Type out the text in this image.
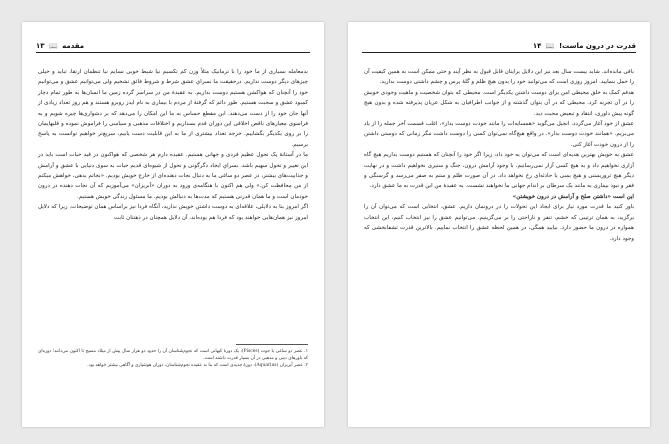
مقدمه 📖 ۱۳

بدمعامله بسیاری از ما خود را با ترمانیک مثلاً وزن کم تکسیم نیا شیط خوبی تسایم نیا تنظمان ارتقا، تباید و خیلی چیزهای دیگر دوست نداریم. درحقیقت ما بسراي عشق شرط و شروط فائق تشخیم ولی می‌توانیم عشق و می‌توانیم خود را آنچنان که هواکشن هستیم دوست بداریم. به عقیدهٔ من در سراسر گرده زمین ما انسان‌ها به طور تمام دچار کمبود عشق و سحبت هستیم. طور دائم که گرفتهٔ از مردم با بیماری به نام ایدز رو‌برو هستند و هم روز تعداد زیادی از آنها جان خود را از دست می‌دهند. ابن مقطع حساس به ما این امکان را می‌دهد که بر دشواری‌ها چیره شویم و به فراسوی معیارهای ناقص اخلاقی این دوران قدم بسداریم و اختلافات مذهبی و سیاسی را فراموش نموده و قلبهایمان را بر روی یکدیگر بگشاییم. خرجه تعداد بیشتری از ما به این قابلیت دست یابیم، سریع‌تر خواهیم توانست به پاسخ برسیم.

ما در آستانهٔ یک تحول عظیم فردی و جهانی هستیم. عقیده دارم هر شخصی که هواکنون در قید حیات است باید در این تغییر و تحول سهیم باشد. بسراي ایجاد دگرگونی و تحول از شیوه‌ای قدیم حیات به سوی دنیایی با عشق و آرامش و جذابیت‌های بیشتر، در عصر دو ساغی ما به دنبال نجات دهنده‌ای از خارج خویش بودیم. «نجاتم بدهی، خواهش میکنم از من محافظت کن.» ولی هم اکنون با هنگامه‌ی ورود به دوران «آبریزان» می‌آموزیم که آن نجات دهنده در درون خودمان است و ما همان قدرتی هستیم که مدت‌ها به دنبالش بودیم. ما مسئول زندگی خویش هستیم.

اگر امروز بنا به دلایلی، علاقه‌ای به دوست داشتن خویش ندارید، آنگاه فردا نیز براساس همان توضیحات. زیرا که دلایل امروز نیز همان‌هایی خواهند بود که فردا هم بوده‌اند. آن دلایل همچنان در ذهنتان ثابت

۱. عصر دو ساغی یا حوت (Pisces): یک دورهٔ کیهانی است که نجوم‌شناسان آن را حدود دو هزار سال پیش از میلاد مسیح تا اکنون می‌دانند؛ دوره‌ای که باورهای دینی و مذهبی در آن بسیار قدرت داشته است.

۲. عصر آبریزان (Aquarius): دورهٔ جدیدی است که بنا به عقیده نجوم‌شناسان، دوران هوشیاری و آگاهی بیشتر خواهد بود.

قدرت در درون ماست! 📖 ۱۴

باقی مانده‌اند. شاید بیست سال بعد نیز این دلایل برایتان قابل قبول به نظر آیند و حتی ممکن است به همین کیفیت آن را حمل بنمایید. امروز روزی است که می‌توانید خود را بدون هیچ ظلم و گلهٔ پرس و چشم داشتی دوست بدارید.

هدفم کمک به خلق محیطی امن برای دوست داشتن یکدیگر است. محیطی که بتوان شخصیت و ماهیت وجودی خویش را در آن تجربه کرد. محیطی که در آن بتوان گذشته و از جوانب اطرافیان به شکل عریان پذیرفته شده و بدون هیچ گونه پیش داوری، انتقاد و تبعیض محبت دید.

عشق از خود آغاز می‌گردد. انجیل می‌گوید «همسایه‌ات را مانند خودت دوست بدار»، اغلب قسمت آخر جمله را از یاد می‌بریم. «همانند خودت دوست بدار». در واقع هیچ‌گاه نمی‌توان کسی را دوست داشت مگر زمانی که دوستی داشتن را از درون خودت آغاز کنی.

عشق به خویش بهترین هدیه‌ای است که می‌توان به خود داد، زیرا اگر خود را آنچنان که هستیم دوست بداریم هیچ گاه آزاری نخواهیم داد و به هیچ کسی آزار نمی‌رسانیم. با وجود آرامش درون، جنگ و ستیزی نخواهیم داشت و در نهایت دیگر هیچ تروریستی و هیچ بمبی یا حادثه‌ای رخ نخواهد داد. در آن صورت ظلم و ستم به صفر می‌رسد و گرسنگی و فقر و نبود بیماری به مانند یک سرطان بر اندام جهانی ما نخواهند نشست. به عقیدهٔ من این قدرت به ما عشق دارد.

این است «داشتن صلح و آرامش در درون خویشتن»

باور کنید ما قدرت مورد نیاز برای ایجاد این تحولات را در درونمان داریم. عشق، انتخابی است که می‌توان آن را برگزید، به همان ترتیبی که خشم، تنفر و ناراحتی را بر می‌گزینیم. می‌توانیم عشق را نیز انتخاب کنیم، این انتخاب همواره در درون ما حضور دارد. بیایید همگی، در همین لحظه عشق را انتخاب نماییم. بالاترین قدرت تشفابخشی که وجود دارد.
